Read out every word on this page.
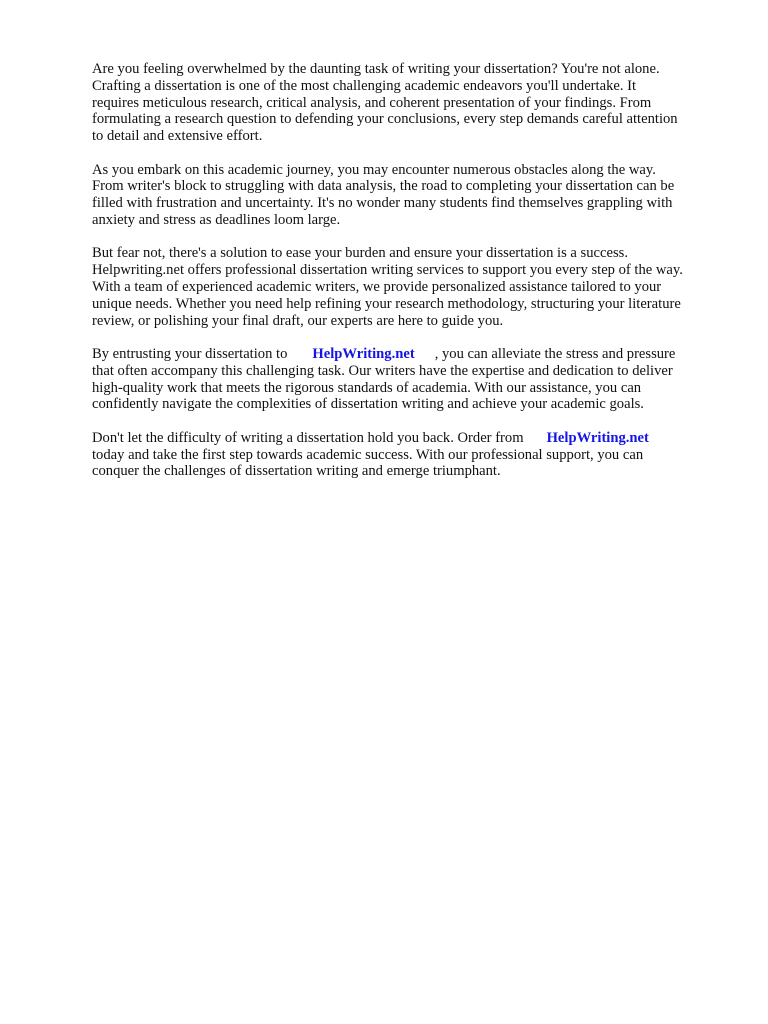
Are you feeling overwhelmed by the daunting task of writing your dissertation? You're not alone.
Crafting a dissertation is one of the most challenging academic endeavors you'll undertake. It
requires meticulous research, critical analysis, and coherent presentation of your findings. From
formulating a research question to defending your conclusions, every step demands careful attention
to detail and extensive effort.

As you embark on this academic journey, you may encounter numerous obstacles along the way.
From writer's block to struggling with data analysis, the road to completing your dissertation can be
filled with frustration and uncertainty. It's no wonder many students find themselves grappling with
anxiety and stress as deadlines loom large.

But fear not, there's a solution to ease your burden and ensure your dissertation is a success.
Helpwriting.net offers professional dissertation writing services to support you every step of the way.
With a team of experienced academic writers, we provide personalized assistance tailored to your
unique needs. Whether you need help refining your research methodology, structuring your literature
review, or polishing your final draft, our experts are here to guide you.

By entrusting your dissertation to HelpWriting.net , you can alleviate the stress and pressure
that often accompany this challenging task. Our writers have the expertise and dedication to deliver
high-quality work that meets the rigorous standards of academia. With our assistance, you can
confidently navigate the complexities of dissertation writing and achieve your academic goals.

Don't let the difficulty of writing a dissertation hold you back. Order from HelpWriting.net
today and take the first step towards academic success. With our professional support, you can
conquer the challenges of dissertation writing and emerge triumphant.
